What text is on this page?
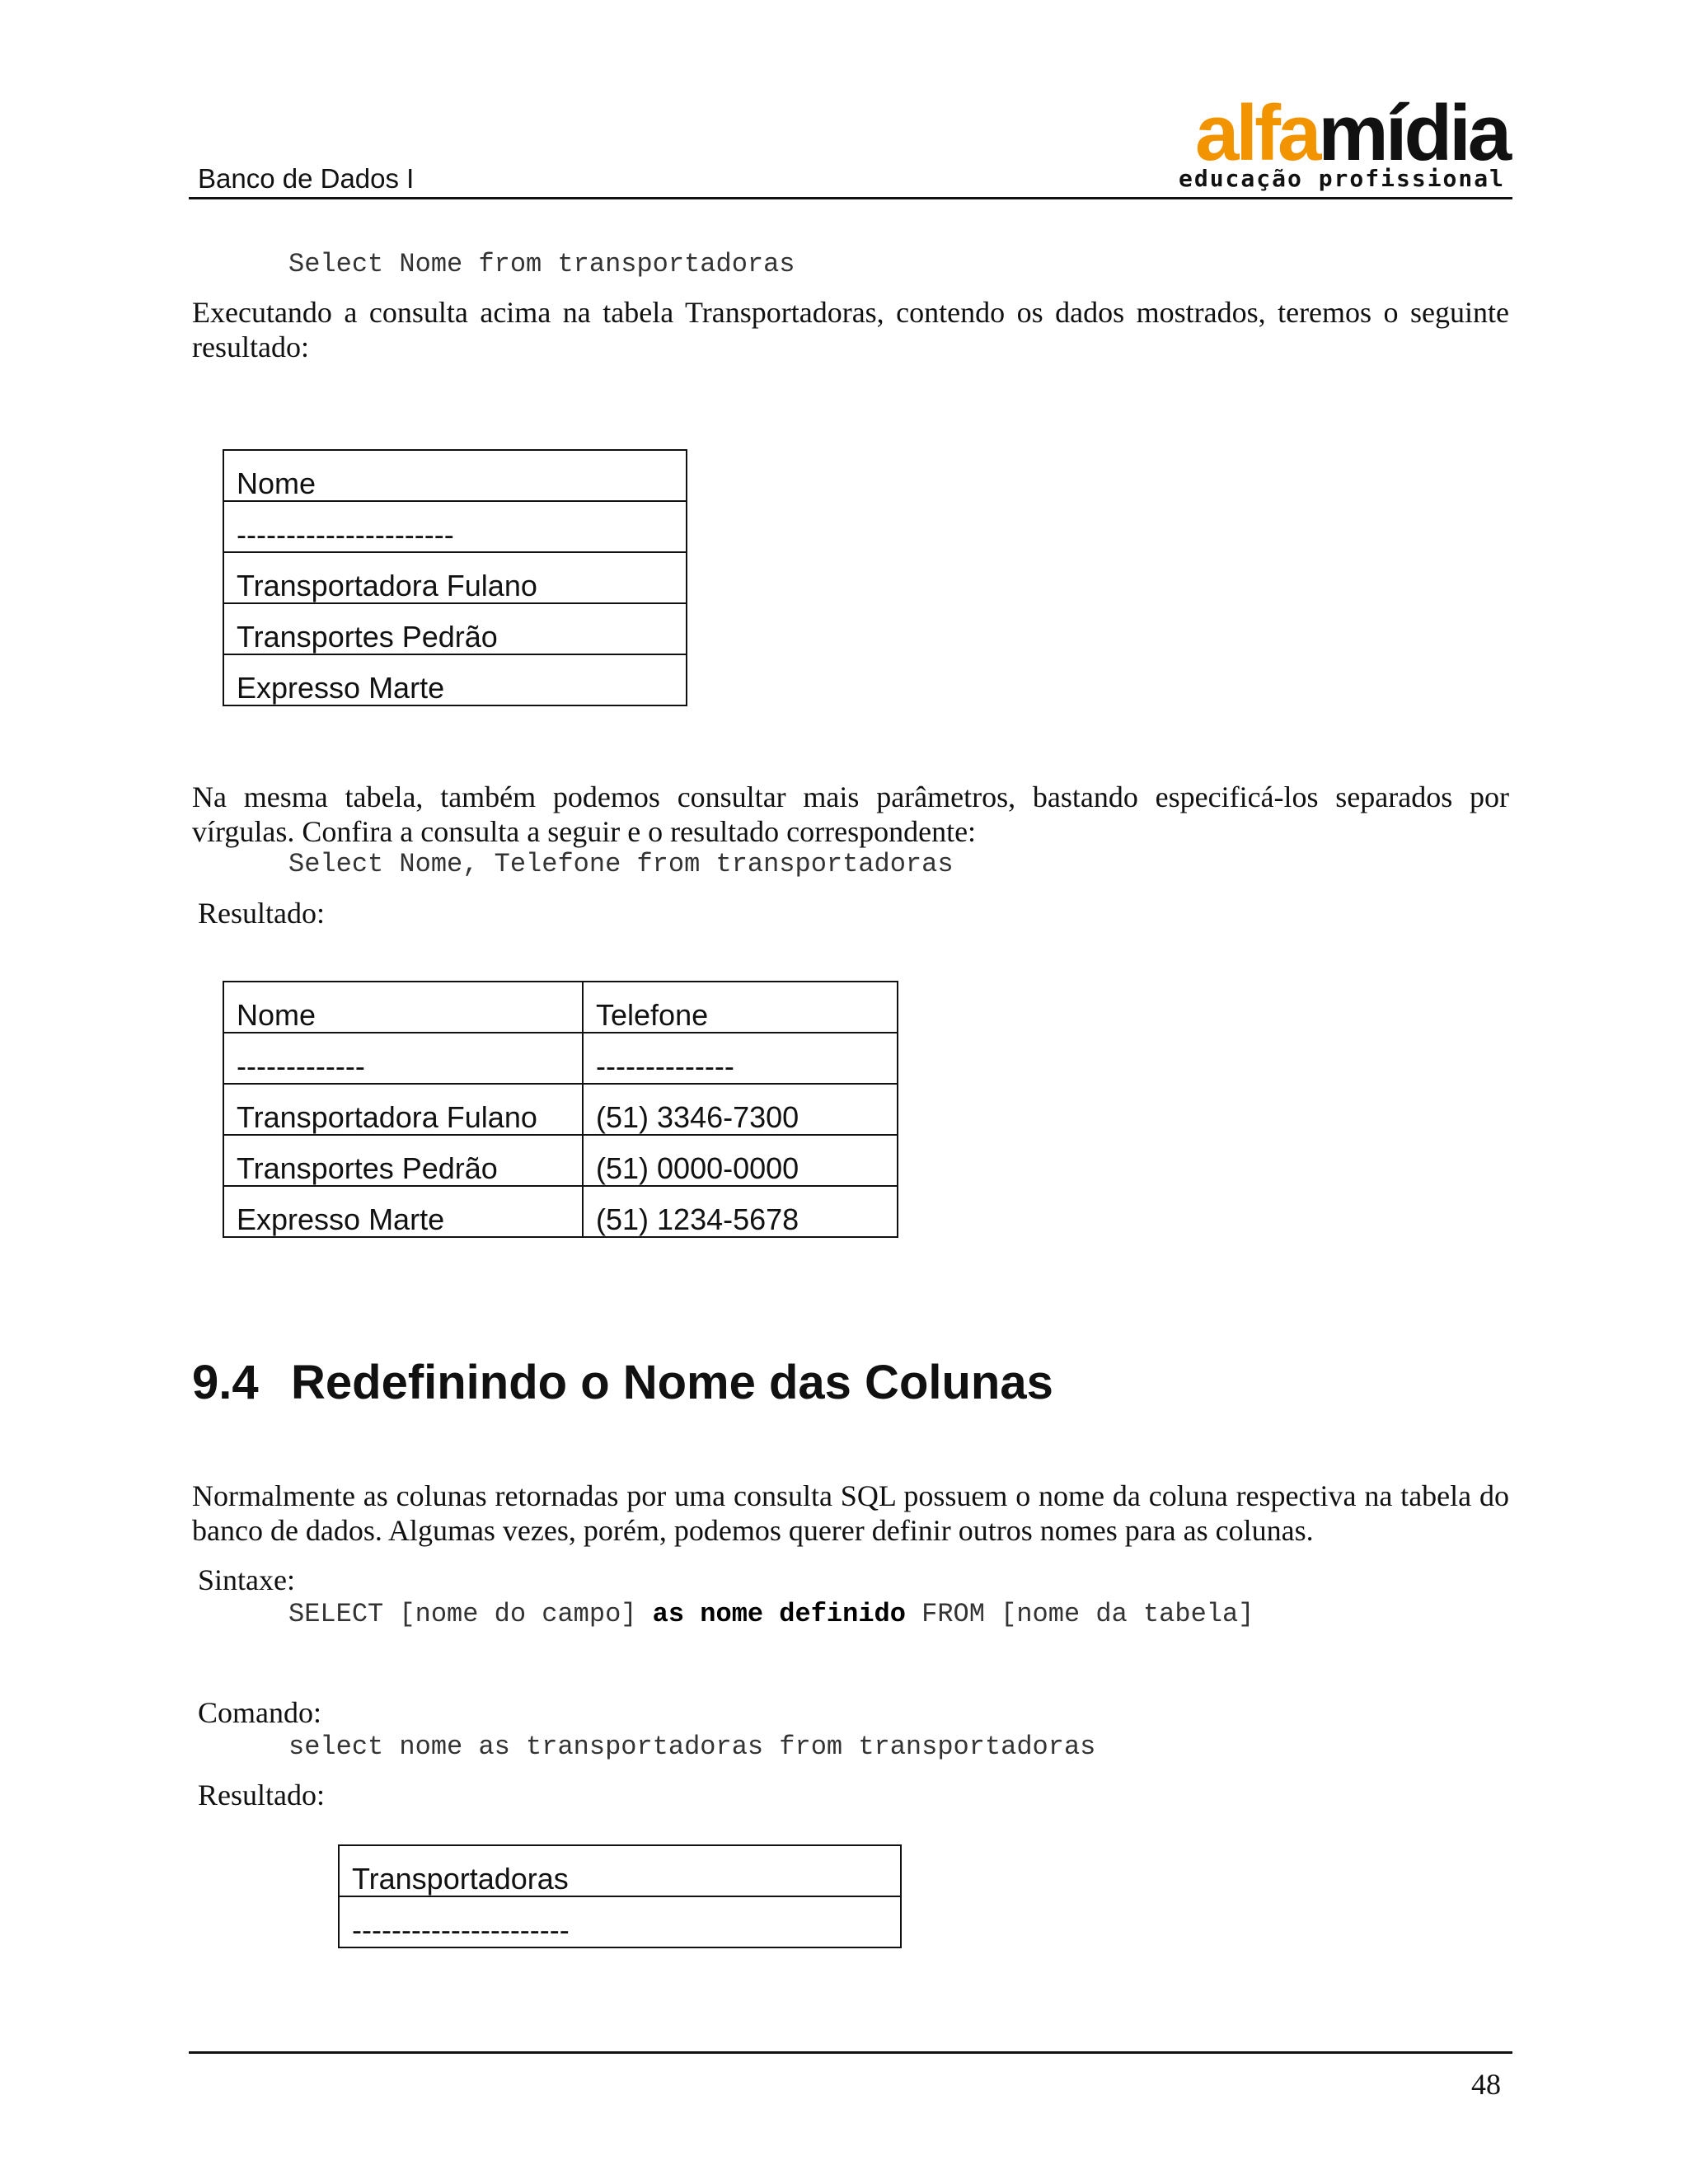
Banco de Dados I
alfamídia
educação profissional
Select Nome from transportadoras
Executando a consulta acima na tabela Transportadoras, contendo os dados mostrados, teremos o seguinte resultado:
Nome
----------------------
Transportadora Fulano
Transportes Pedrão
Expresso Marte
Na mesma tabela, também podemos consultar mais parâmetros, bastando especificá-los separados por vírgulas. Confira a consulta a seguir e o resultado correspondente:
Select Nome, Telefone from transportadoras
Resultado:
Nome	Telefone
-------------	--------------
Transportadora Fulano	(51) 3346-7300
Transportes Pedrão	(51) 0000-0000
Expresso Marte	(51) 1234-5678
9.4 Redefinindo o Nome das Colunas
Normalmente as colunas retornadas por uma consulta SQL possuem o nome da coluna respectiva na tabela do banco de dados. Algumas vezes, porém, podemos querer definir outros nomes para as colunas.
Sintaxe:
SELECT [nome do campo] as nome definido FROM [nome da tabela]
Comando:
select nome as transportadoras from transportadoras
Resultado:
Transportadoras
----------------------
48
